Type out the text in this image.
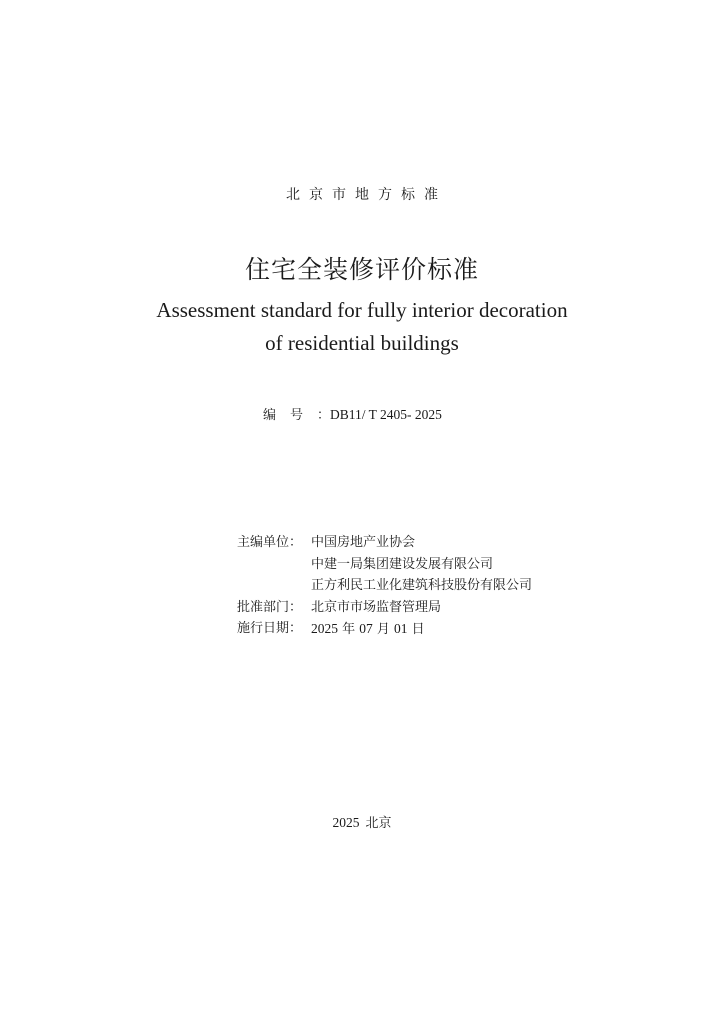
北京市地方标准
住宅全装修评价标准
Assessment standard for fully interior decoration
of residential buildings
编号：DB11/ T 2405- 2025
主编单位： 中国房地产业协会
中建一局集团建设发展有限公司
正方利民工业化建筑科技股份有限公司
批准部门： 北京市市场监督管理局
施行日期： 2025 年 07 月 01 日
2025 北京
